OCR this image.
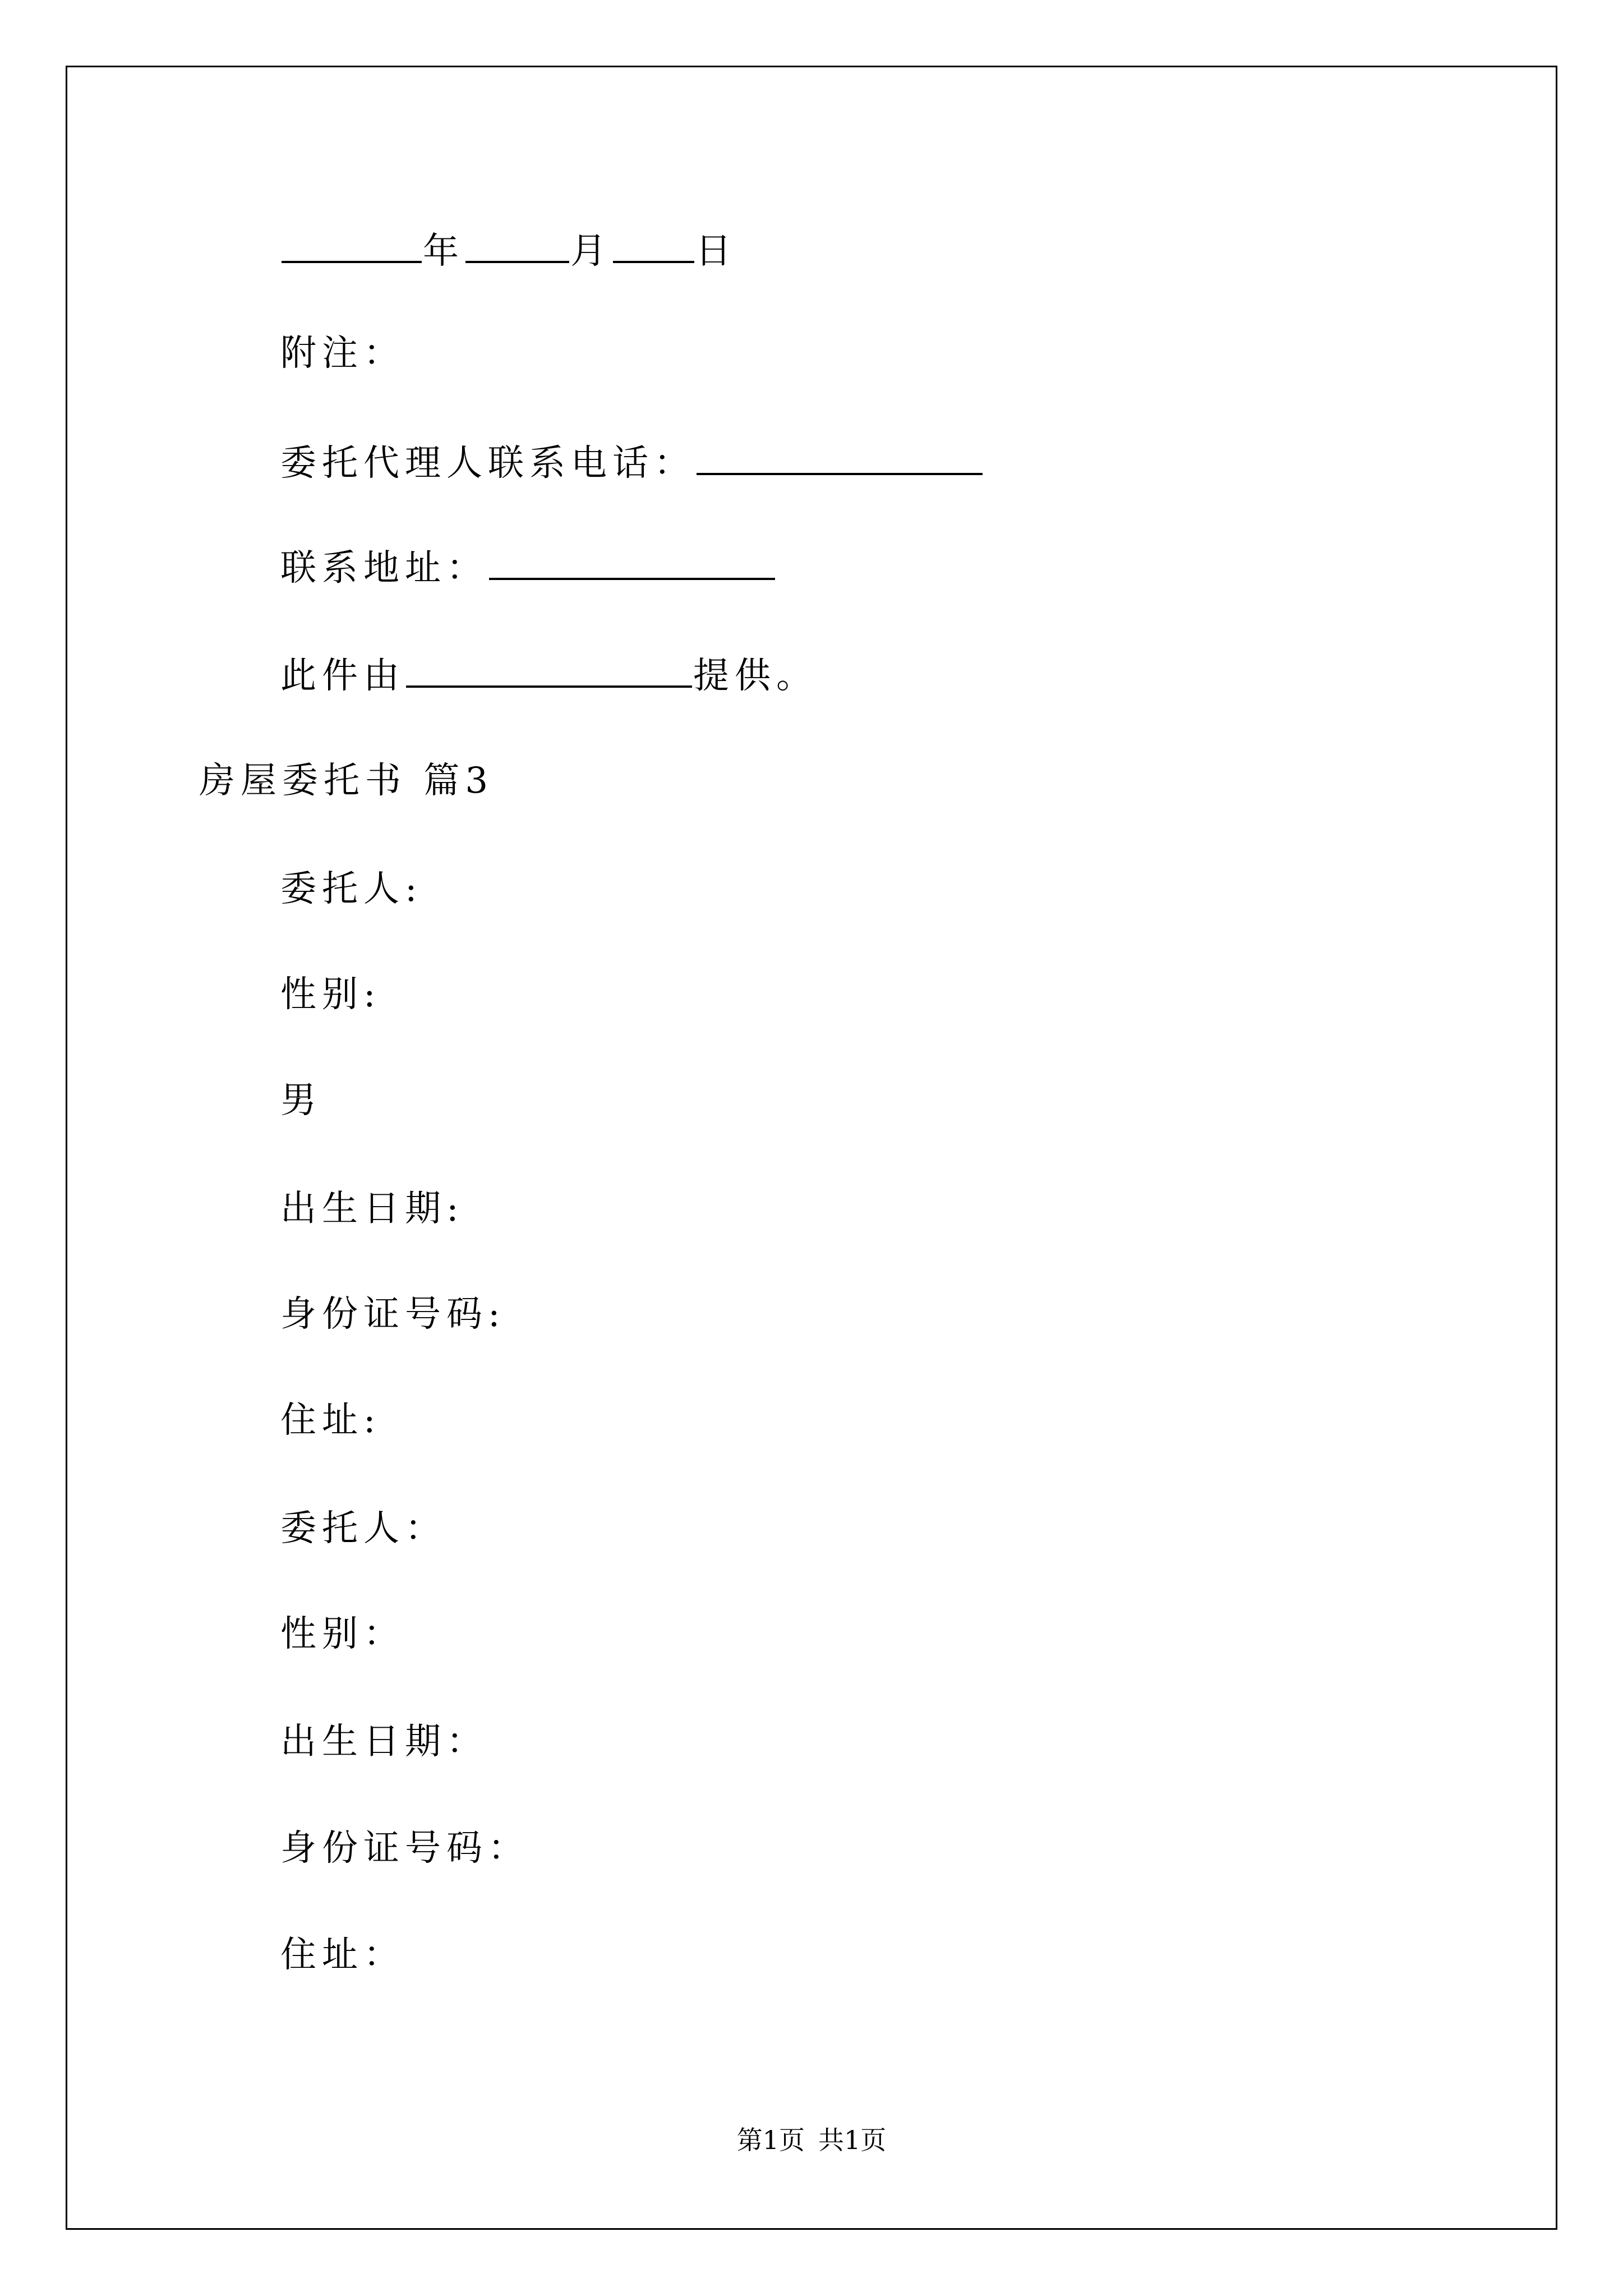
年	月 日
附注：
委托代理人联系电话：
联系地址：
此件由	提供。
房屋委托书 篇3
委托人:
性别:
男
出生日期:
身份证号码:
住址:
委托人：
性别：
出生日期：
身份证号码：
住址：
第1页 共1页
